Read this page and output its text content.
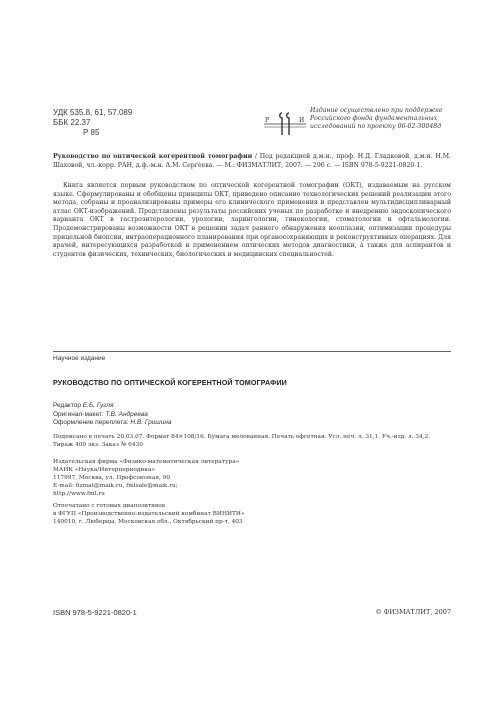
УДК 535.8, 61, 57.089
ББК 22.37
Р 85
Р	И
Издание осуществлено при поддержке
Российского фонда фундаментальных
исследований по проекту 06-02-30048д
Руководство по оптической когерентной томографии / Под редакцией д.м.н., проф. Н.Д. Гладковой, д.м.н. Н.М. Шаховой, чл.-корр. РАН, д.ф.-м.н. А.М. Сергеева. — М.: ФИЗМАТЛИТ, 2007. — 296 с. — ISBN 978-5-9221-0820-1.
Книга является первым руководством по оптической когерентной томографии (ОКТ), издаваемым на русском языке. Сформулированы и обобщены принципы ОКТ, приведено описание технологических решений реализации этого метода, собраны и проанализированы примеры его клинического применения и представлен мультидисциплинарный атлас ОКТ-изображений. Представлены результаты российских ученых по разработке и внедрению эндоскопического варианта ОКТ в гастроэнтерологии, урологии, ларингологии, гинекологии, стоматологии и офтальмологии. Продемонстрированы возможности ОКТ в решении задач раннего обнаружения неоплазии, оптимизации процедуры прицельной биопсии, интраоперационного планирования при органосохраняющих и реконструктивных операциях. Для врачей, интересующихся разработкой и применением оптических методов диагностики, а также для аспирантов и студентов физических, технических, биологических и медицинских специальностей.
Научное издание
РУКОВОДСТВО ПО ОПТИЧЕСКОЙ КОГЕРЕНТНОЙ ТОМОГРАФИИ
Редактор Е.Б. Гугля
Оригинал-макет: Т.В. Андреева
Оформление переплета: Н.В. Гришина
Подписано в печать 20.03.07. Формат 84×108/16. Бумага мелованная. Печать офсетная. Усл. печ. л. 31,1. Уч.-изд. л. 34,2.
Тираж 400 экз. Заказ № 6430
Издательская фирма «Физико-математическая литература»
МАИК «Наука/Интерпериодика»
117997, Москва, ул. Профсоюзная, 90
E-mail: fizmat@maik.ru, fmlsale@maik.ru;
http://www.fml.ru
Отпечатано с готовых диапозитивов
в ФГУП «Производственно-издательский комбинат ВИНИТИ»
140010, г. Люберцы, Московская обл., Октябрьский пр-т, 403
ISBN 978-5-9221-0820-1	© ФИЗМАТЛИТ, 2007
